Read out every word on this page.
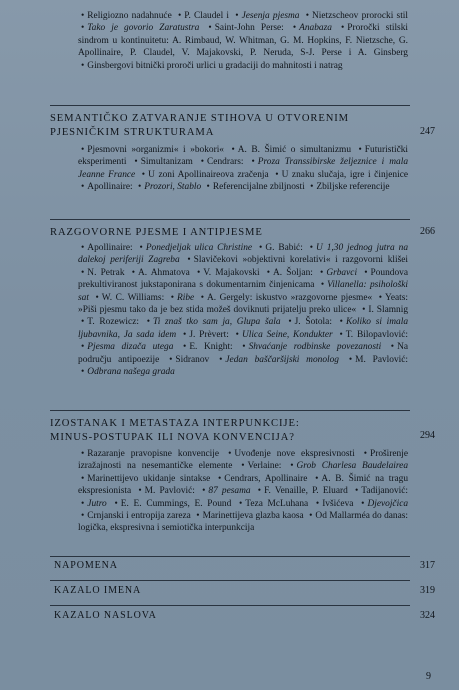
• Religiozno nadahnuće • P. Claudel i • Jesenja pjesma • Nietzscheov prorocki stil • Tako je govorio Zaratustra • Saint-John Perse: • Anabaza • Proročki stilski sindrom u kontinuitetu: A. Rimbaud, W. Whitman, G. M. Hopkins, F. Nietzsche, G. Apollinaire, P. Claudel, V. Majakovski, P. Neruda, S-J. Perse i A. Ginsberg • Ginsbergovi bitnički proroči urlici u gradaciji do mahnitosti i natrag
SEMANTIČKO ZATVARANJE STIHOVA U OTVORENIM
PJESNIČKIM STRUKTURAMA	247
• Pjesmovni »organizmi« i »bokori« • A. B. Šimić o simultanizmu • Futuristički eksperimenti • Simultanizam • Cendrars: • Proza Transsibirske željeznice i mala Jeanne France • U zoni Apollinaireova zračenja • U znaku slučaja, igre i činjenice • Apollinaire: • Prozori, Stablo • Referencijalne zbiljnosti • Zbiljske referencije
RAZGOVORNE PJESME I ANTIPJESME	266
• Apollinaire: • Ponedjeljak ulica Christine • G. Babić: • U 1,30 jednog jutra na dalekoj periferiji Zagreba • Slavičekovi »objektivni korelativi« i razgovorni klišei • N. Petrak • A. Ahmatova • V. Majakovski • A. Šoljan: • Grbavci • Poundova prekultiviranost jukstaponirana s dokumentarnim činjenicama • Villanella: psihološki sat • W. C. Williams: • Ribe • A. Gergely: iskustvo »razgovorne pjesme« • Yeats: »Piši pjesmu tako da je bez stida možeš doviknuti prijatelju preko ulice« • I. Slamnig • T. Rozewicz: • Ti znaš tko sam ja, Glupa šala • J. Šotola: • Koliko si imala ljubavnika, Ja sada idem • J. Prèvert: • Ulica Seine, Kondukter • T. Bilopavlović: • Pjesma dizača utega • E. Knight: • Shvaćanje rodbinske povezanosti • Na području antipoezije • Sidranov • Jedan baščaršijski monolog • M. Pavlović: • Odbrana našega grada
IZOSTANAK I METASTAZA INTERPUNKCIJE:
MINUS-POSTUPAK ILI NOVA KONVENCIJA?	294
• Razaranje pravopisne konvencije • Uvođenje nove ekspresivnosti • Proširenje izražajnosti na nesemantičke elemente • Verlaine: • Grob Charlesa Baudelairea • Marinettijevo ukidanje sintakse • Cendrars, Apollinaire • A. B. Šimić na tragu ekspresionista • M. Pavlović: • 87 pesama • F. Venaille, P. Eluard • Tadijanović: • Jutro • E. E. Cummings, E. Pound • Teza McLuhana • Ivšićeva • Djevojčica • Crnjanski i entropija zareza • Marinettijeva glazba kaosa • Od Mallarméa do danas: logička, ekspresivna i semiotička interpunkcija
NAPOMENA	317
KAZALO IMENA	319
KAZALO NASLOVA	324
9
